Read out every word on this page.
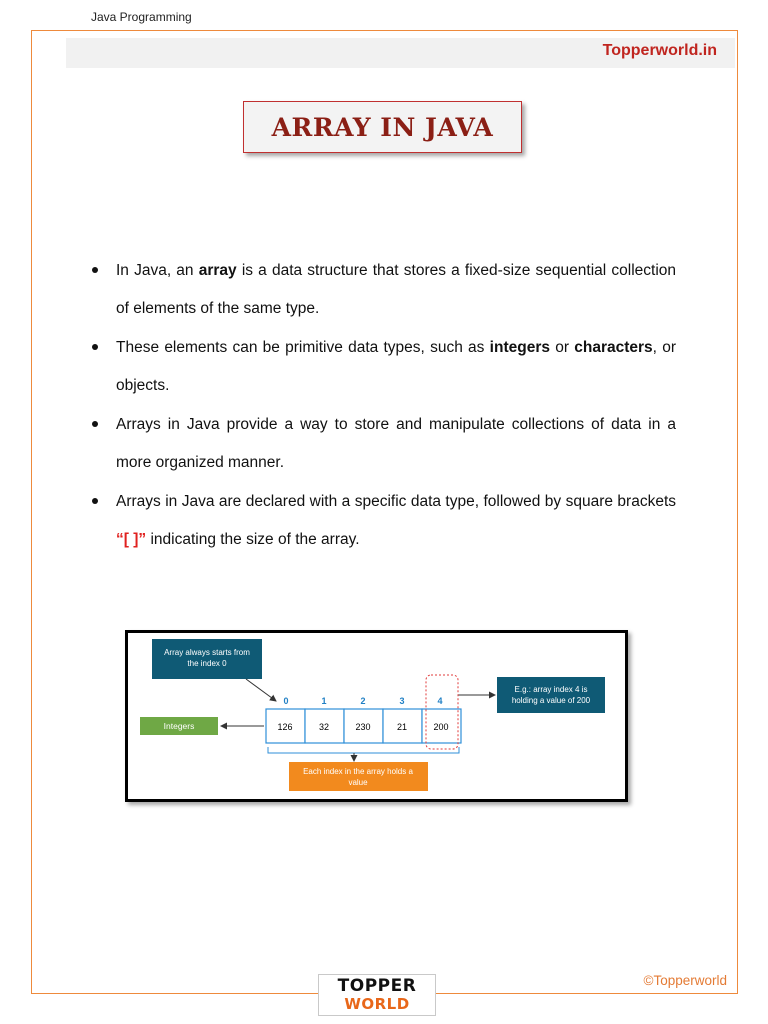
Java Programming
Topperworld.in
ARRAY IN JAVA
In Java, an array is a data structure that stores a fixed-size sequential collection of elements of the same type.
These elements can be primitive data types, such as integers or characters, or objects.
Arrays in Java provide a way to store and manipulate collections of data in a more organized manner.
Arrays in Java are declared with a specific data type, followed by square brackets “[ ]” indicating the size of the array.
Array always starts from
the index 0
E.g.: array index 4 is
holding a value of 200
0	1	2	3	4
126	32	230	21	200
Integers
Each index in the array holds a
value
TOPPER
WORLD
©Topperworld
